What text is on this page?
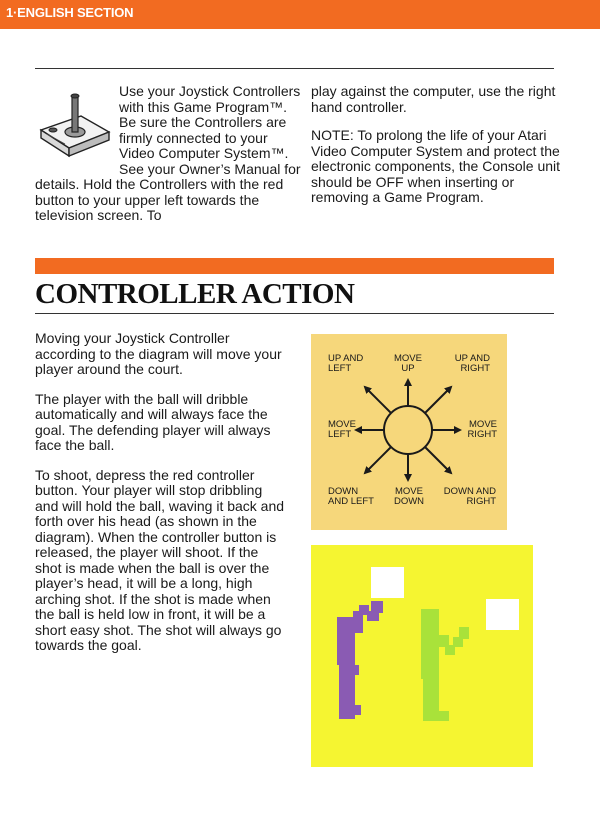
1·ENGLISH SECTION

Use your Joystick Controllers with this Game Program™. Be sure the Controllers are firmly connected to your Video Computer System™. See your Owner’s Manual for details. Hold the Controllers with the red button to your upper left towards the television screen. To

play against the computer, use the right hand controller.

NOTE: To prolong the life of your Atari Video Computer System and protect the electronic components, the Console unit should be OFF when inserting or removing a Game Program.

CONTROLLER ACTION

Moving your Joystick Controller according to the diagram will move your player around the court.

The player with the ball will dribble automatically and will always face the goal. The defending player will always face the ball.

To shoot, depress the red controller button. Your player will stop dribbling and will hold the ball, waving it back and forth over his head (as shown in the diagram). When the controller button is released, the player will shoot. If the shot is made when the ball is over the player’s head, it will be a long, high arching shot. If the shot is made when the ball is held low in front, it will be a short easy shot. The shot will always go towards the goal.

UP AND LEFT
MOVE UP
UP AND RIGHT
MOVE LEFT
MOVE RIGHT
DOWN AND LEFT
MOVE DOWN
DOWN AND RIGHT
